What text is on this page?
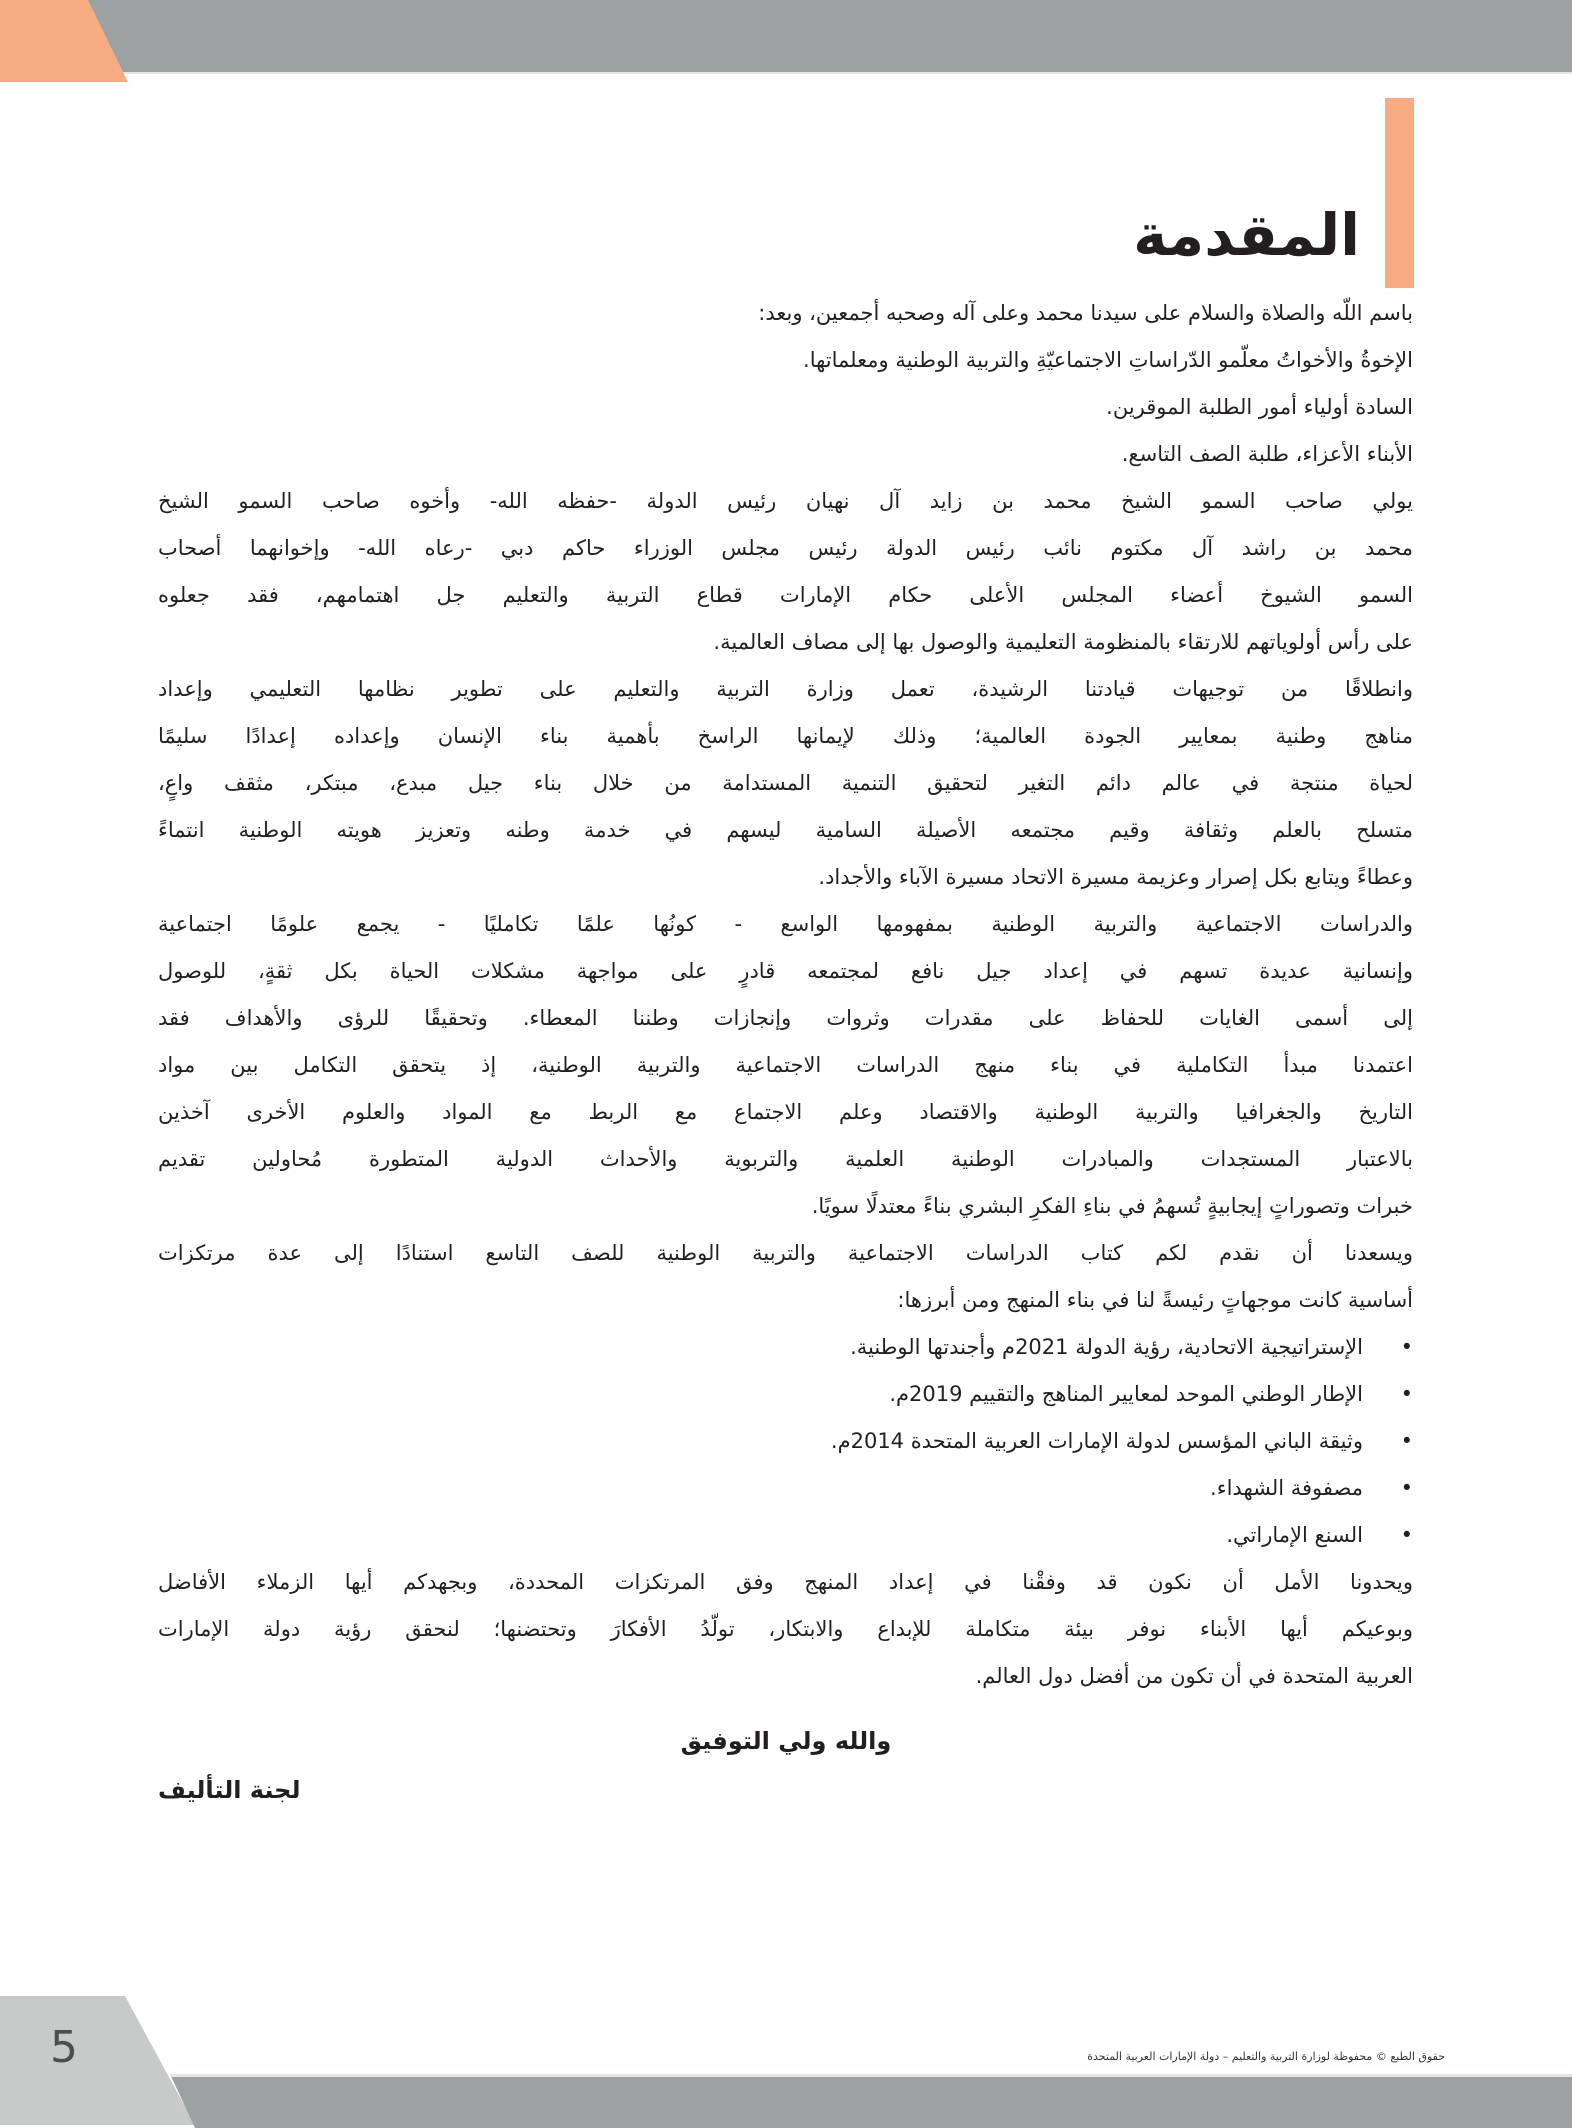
المقدمة
باسم اللّه والصلاة والسلام على سيدنا محمد وعلى آله وصحبه أجمعين، وبعد:
الإخوةُ والأخواتُ معلّمو الدّراساتِ الاجتماعيّةِ والتربية الوطنية ومعلماتها.
السادة أولياء أمور الطلبة الموقرين.
الأبناء الأعزاء، طلبة الصف التاسع.
يولي صاحب السمو الشيخ محمد بن زايد آل نهيان رئيس الدولة -حفظه الله- وأخوه صاحب السمو الشيخ
محمد بن راشد آل مكتوم نائب رئيس الدولة رئيس مجلس الوزراء حاكم دبي -رعاه الله- وإخوانهما أصحاب
السمو الشيوخ أعضاء المجلس الأعلى حكام الإمارات قطاع التربية والتعليم جل اهتمامهم، فقد جعلوه
على رأس أولوياتهم للارتقاء بالمنظومة التعليمية والوصول بها إلى مصاف العالمية.
وانطلاقًا من توجيهات قيادتنا الرشيدة، تعمل وزارة التربية والتعليم على تطوير نظامها التعليمي وإعداد
مناهج وطنية بمعايير الجودة العالمية؛ وذلك لإيمانها الراسخ بأهمية بناء الإنسان وإعداده إعدادًا سليمًا
لحياة منتجة في عالم دائم التغير لتحقيق التنمية المستدامة من خلال بناء جيل مبدع، مبتكر، مثقف واعٍ،
متسلح بالعلم وثقافة وقيم مجتمعه الأصيلة السامية ليسهم في خدمة وطنه وتعزيز هويته الوطنية انتماءً
وعطاءً ويتابع بكل إصرار وعزيمة مسيرة الاتحاد مسيرة الآباء والأجداد.
والدراسات الاجتماعية والتربية الوطنية بمفهومها الواسع - كونُها علمًا تكامليًا - يجمع علومًا اجتماعية
وإنسانية عديدة تسهم في إعداد جيل نافع لمجتمعه قادرٍ على مواجهة مشكلات الحياة بكل ثقةٍ، للوصول
إلى أسمى الغايات للحفاظ على مقدرات وثروات وإنجازات وطننا المعطاء. وتحقيقًا للرؤى والأهداف فقد
اعتمدنا مبدأ التكاملية في بناء منهج الدراسات الاجتماعية والتربية الوطنية، إذ يتحقق التكامل بين مواد
التاريخ والجغرافيا والتربية الوطنية والاقتصاد وعلم الاجتماع مع الربط مع المواد والعلوم الأخرى آخذين
بالاعتبار المستجدات والمبادرات الوطنية العلمية والتربوية والأحداث الدولية المتطورة مُحاولين تقديم
خبرات وتصوراتٍ إيجابيةٍ تُسهمُ في بناءِ الفكرِ البشري بناءً معتدلًا سويًا.
ويسعدنا أن نقدم لكم كتاب الدراسات الاجتماعية والتربية الوطنية للصف التاسع استنادًا إلى عدة مرتكزات
أساسية كانت موجهاتٍ رئيسةً لنا في بناء المنهج ومن أبرزها:
•
الإستراتيجية الاتحادية، رؤية الدولة 2021م وأجندتها الوطنية.
•
الإطار الوطني الموحد لمعايير المناهج والتقييم 2019م.
•
وثيقة الباني المؤسس لدولة الإمارات العربية المتحدة 2014م.
•
مصفوفة الشهداء.
•
السنع الإماراتي.
ويحدونا الأمل أن نكون قد وفقْنا في إعداد المنهج وفق المرتكزات المحددة، وبجهدكم أيها الزملاء الأفاضل
وبوعيكم أيها الأبناء نوفر بيئة متكاملة للإبداع والابتكار، تولّدُ الأفكارَ وتحتضنها؛ لنحقق رؤية دولة الإمارات
العربية المتحدة في أن تكون من أفضل دول العالم.
والله ولي التوفيق
لجنة التأليف
5	حقوق الطبع © محفوظة لوزارة التربية والتعليم – دولة الإمارات العربية المتحدة
